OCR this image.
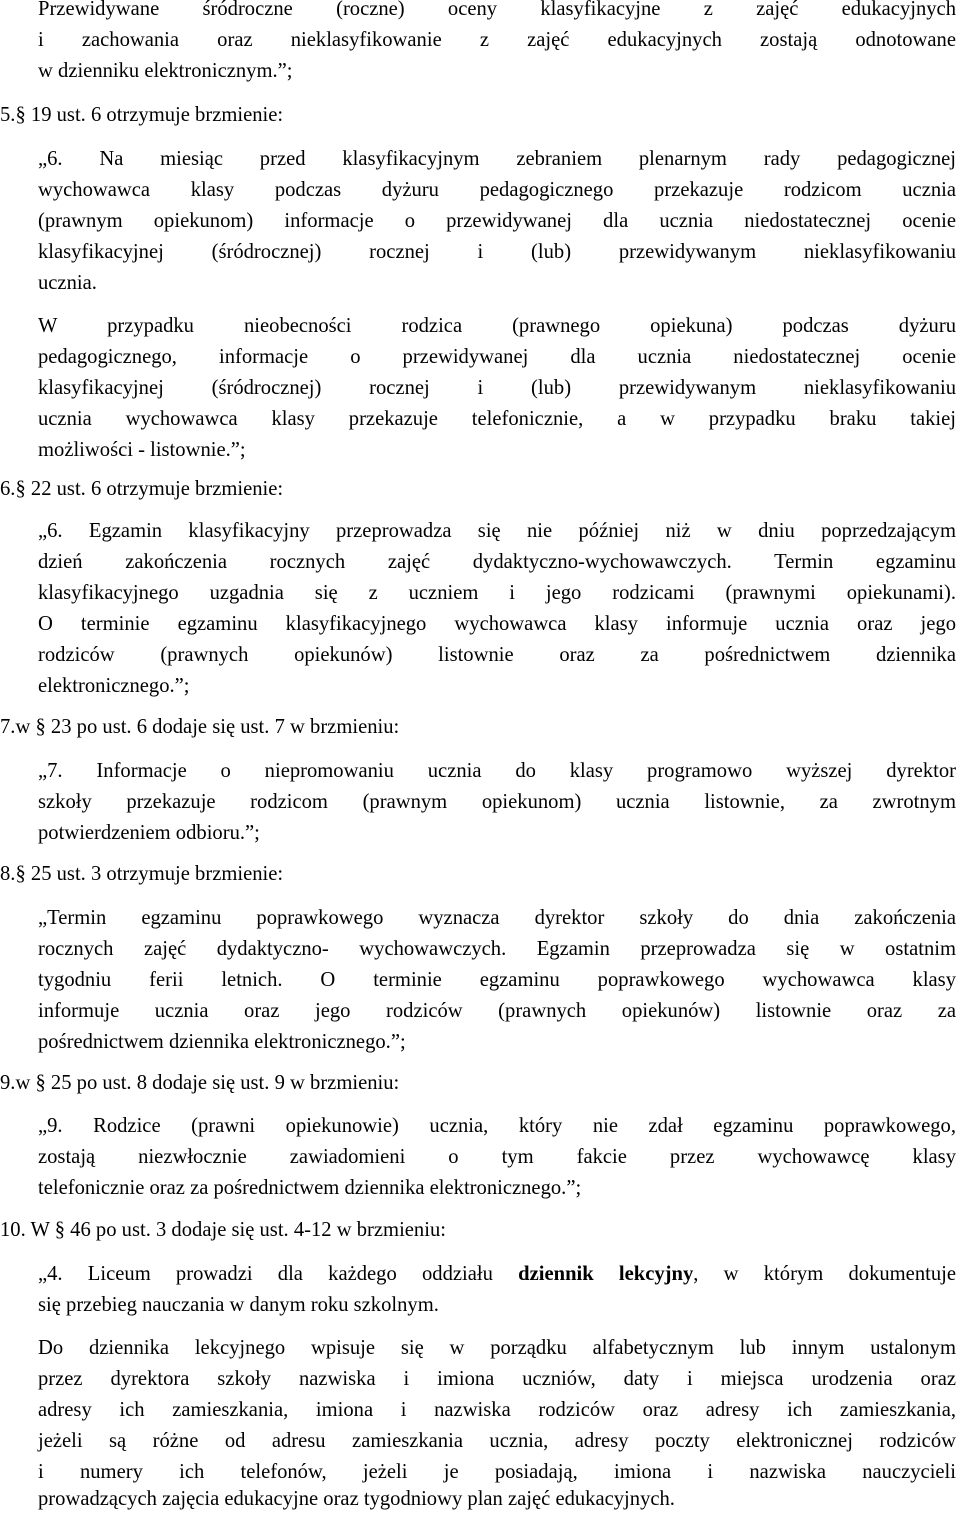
Przewidywane śródroczne (roczne) oceny klasyfikacyjne z zajęć edukacyjnych
i zachowania oraz nieklasyfikowanie z zajęć edukacyjnych zostają odnotowane
w dzienniku elektronicznym.”;
5.§ 19 ust. 6 otrzymuje brzmienie:
„6. Na miesiąc przed klasyfikacyjnym zebraniem plenarnym rady pedagogicznej
wychowawca klasy podczas dyżuru pedagogicznego przekazuje rodzicom ucznia
(prawnym opiekunom) informacje o przewidywanej dla ucznia niedostatecznej ocenie
klasyfikacyjnej (śródrocznej) rocznej i (lub) przewidywanym nieklasyfikowaniu
ucznia.
W przypadku nieobecności rodzica (prawnego opiekuna) podczas dyżuru
pedagogicznego, informacje o przewidywanej dla ucznia niedostatecznej ocenie
klasyfikacyjnej (śródrocznej) rocznej i (lub) przewidywanym nieklasyfikowaniu
ucznia wychowawca klasy przekazuje telefonicznie, a w przypadku braku takiej
możliwości - listownie.”;
6.§ 22 ust. 6 otrzymuje brzmienie:
„6. Egzamin klasyfikacyjny przeprowadza się nie później niż w dniu poprzedzającym
dzień zakończenia rocznych zajęć dydaktyczno-wychowawczych. Termin egzaminu
klasyfikacyjnego uzgadnia się z uczniem i jego rodzicami (prawnymi opiekunami).
O terminie egzaminu klasyfikacyjnego wychowawca klasy informuje ucznia oraz jego
rodziców (prawnych opiekunów) listownie oraz za pośrednictwem dziennika
elektronicznego.”;
7.w § 23 po ust. 6 dodaje się ust. 7 w brzmieniu:
„7. Informacje o niepromowaniu ucznia do klasy programowo wyższej dyrektor
szkoły przekazuje rodzicom (prawnym opiekunom) ucznia listownie, za zwrotnym
potwierdzeniem odbioru.”;
8.§ 25 ust. 3 otrzymuje brzmienie:
„Termin egzaminu poprawkowego wyznacza dyrektor szkoły do dnia zakończenia
rocznych zajęć dydaktyczno- wychowawczych. Egzamin przeprowadza się w ostatnim
tygodniu ferii letnich. O terminie egzaminu poprawkowego wychowawca klasy
informuje ucznia oraz jego rodziców (prawnych opiekunów) listownie oraz za
pośrednictwem dziennika elektronicznego.”;
9.w § 25 po ust. 8 dodaje się ust. 9 w brzmieniu:
„9. Rodzice (prawni opiekunowie) ucznia, który nie zdał egzaminu poprawkowego,
zostają niezwłocznie zawiadomieni o tym fakcie przez wychowawcę klasy
telefonicznie oraz za pośrednictwem dziennika elektronicznego.”;
10. W § 46 po ust. 3 dodaje się ust. 4-12 w brzmieniu:
„4. Liceum prowadzi dla każdego oddziału dziennik lekcyjny, w którym dokumentuje
się przebieg nauczania w danym roku szkolnym.
Do dziennika lekcyjnego wpisuje się w porządku alfabetycznym lub innym ustalonym
przez dyrektora szkoły nazwiska i imiona uczniów, daty i miejsca urodzenia oraz
adresy ich zamieszkania, imiona i nazwiska rodziców oraz adresy ich zamieszkania,
jeżeli są różne od adresu zamieszkania ucznia, adresy poczty elektronicznej rodziców
i numery ich telefonów, jeżeli je posiadają, imiona i nazwiska nauczycieli
prowadzących zajęcia edukacyjne oraz tygodniowy plan zajęć edukacyjnych.
